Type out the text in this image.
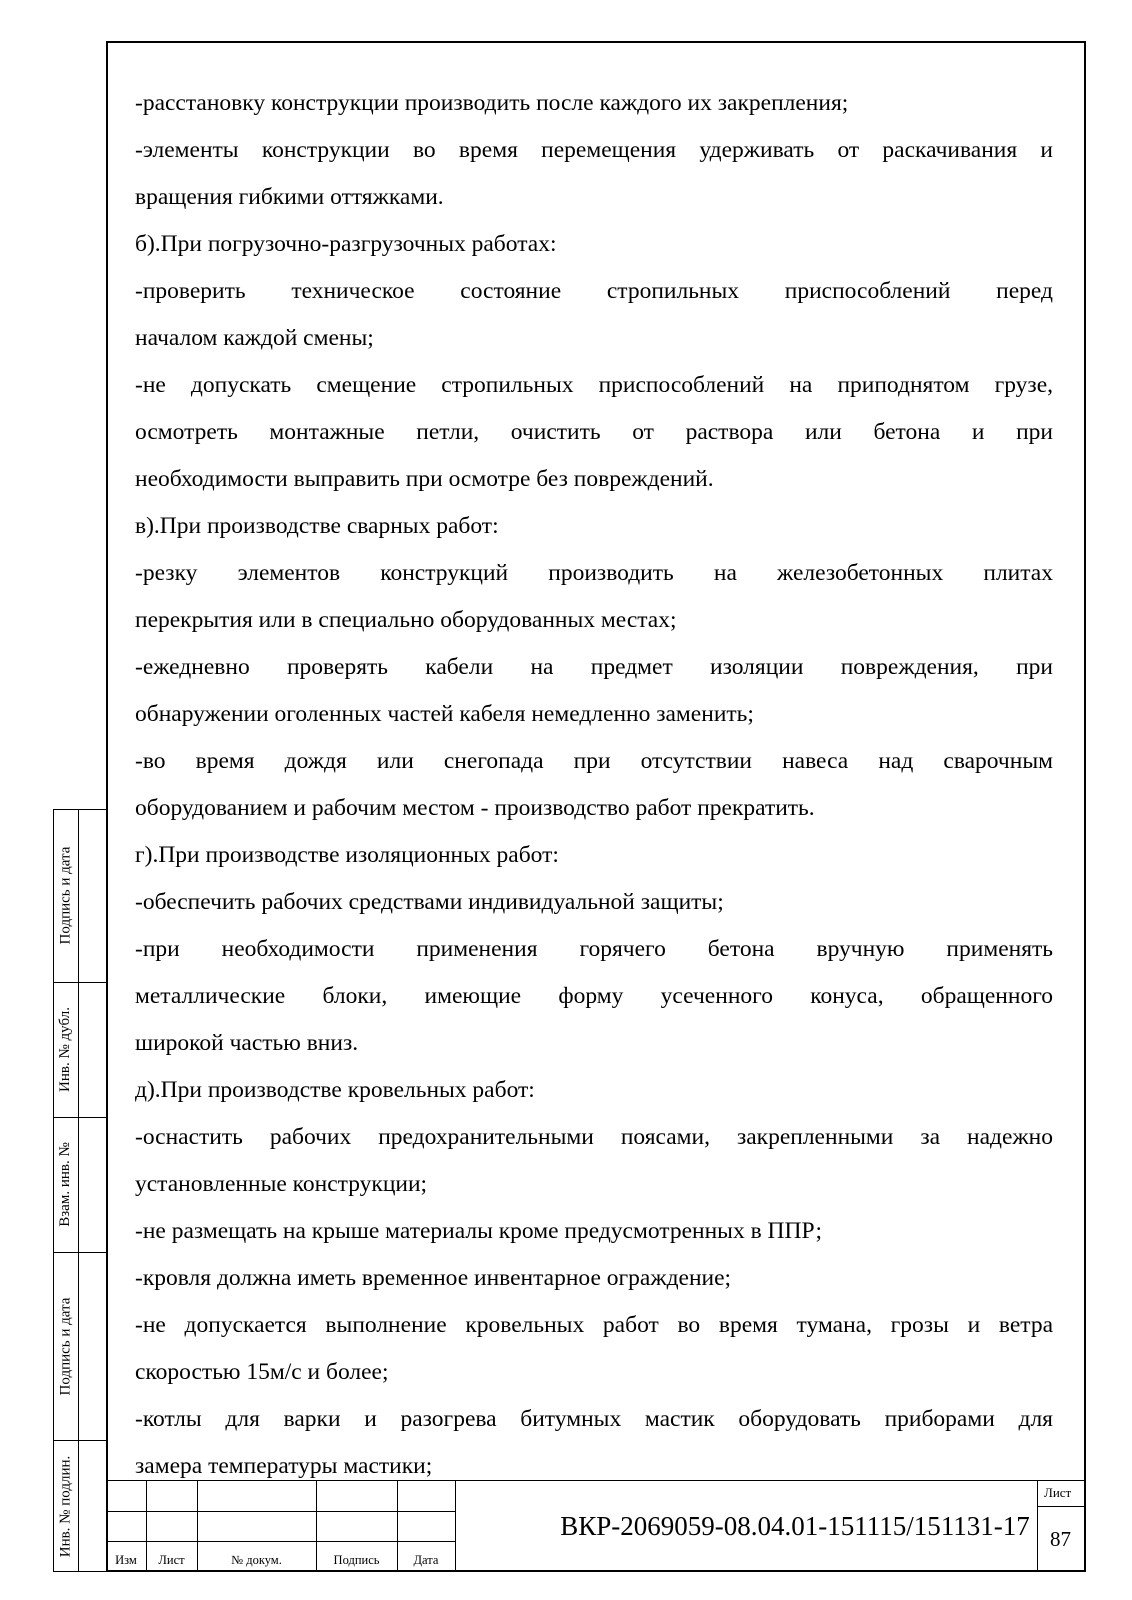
-расстановку конструкции производить после каждого их закрепления;
-элементы конструкции во время перемещения удерживать от раскачивания и
вращения гибкими оттяжками.
б).При погрузочно-разгрузочных работах:
-проверить техническое состояние стропильных приспособлений перед
началом каждой смены;
-не допускать смещение стропильных приспособлений на приподнятом грузе,
осмотреть монтажные петли, очистить от раствора или бетона и при
необходимости выправить при осмотре без повреждений.
в).При производстве сварных работ:
-резку элементов конструкций производить на железобетонных плитах
перекрытия или в специально оборудованных местах;
-ежедневно проверять кабели на предмет изоляции повреждения, при
обнаружении оголенных частей кабеля немедленно заменить;
-во время дождя или снегопада при отсутствии навеса над сварочным
оборудованием и рабочим местом - производство работ прекратить.
г).При производстве изоляционных работ:
-обеспечить рабочих средствами индивидуальной защиты;
-при необходимости применения горячего бетона вручную применять
металлические блоки, имеющие форму усеченного конуса, обращенного
широкой частью вниз.
д).При производстве кровельных работ:
-оснастить рабочих предохранительными поясами, закрепленными за надежно
установленные конструкции;
-не размещать на крыше материалы кроме предусмотренных в ППР;
-кровля должна иметь временное инвентарное ограждение;
-не допускается выполнение кровельных работ во время тумана, грозы и ветра
скоростью 15м/с и более;
-котлы для варки и разогрева битумных мастик оборудовать приборами для
замера температуры мастики;
Подпись и дата
Инв. № дубл.
Взам. инв. №
Подпись и дата
Инв. № подлин.
Изм	Лист	№ докум.	Подпись	Дата
ВКР-2069059-08.04.01-151115/151131-17
Лист
87
